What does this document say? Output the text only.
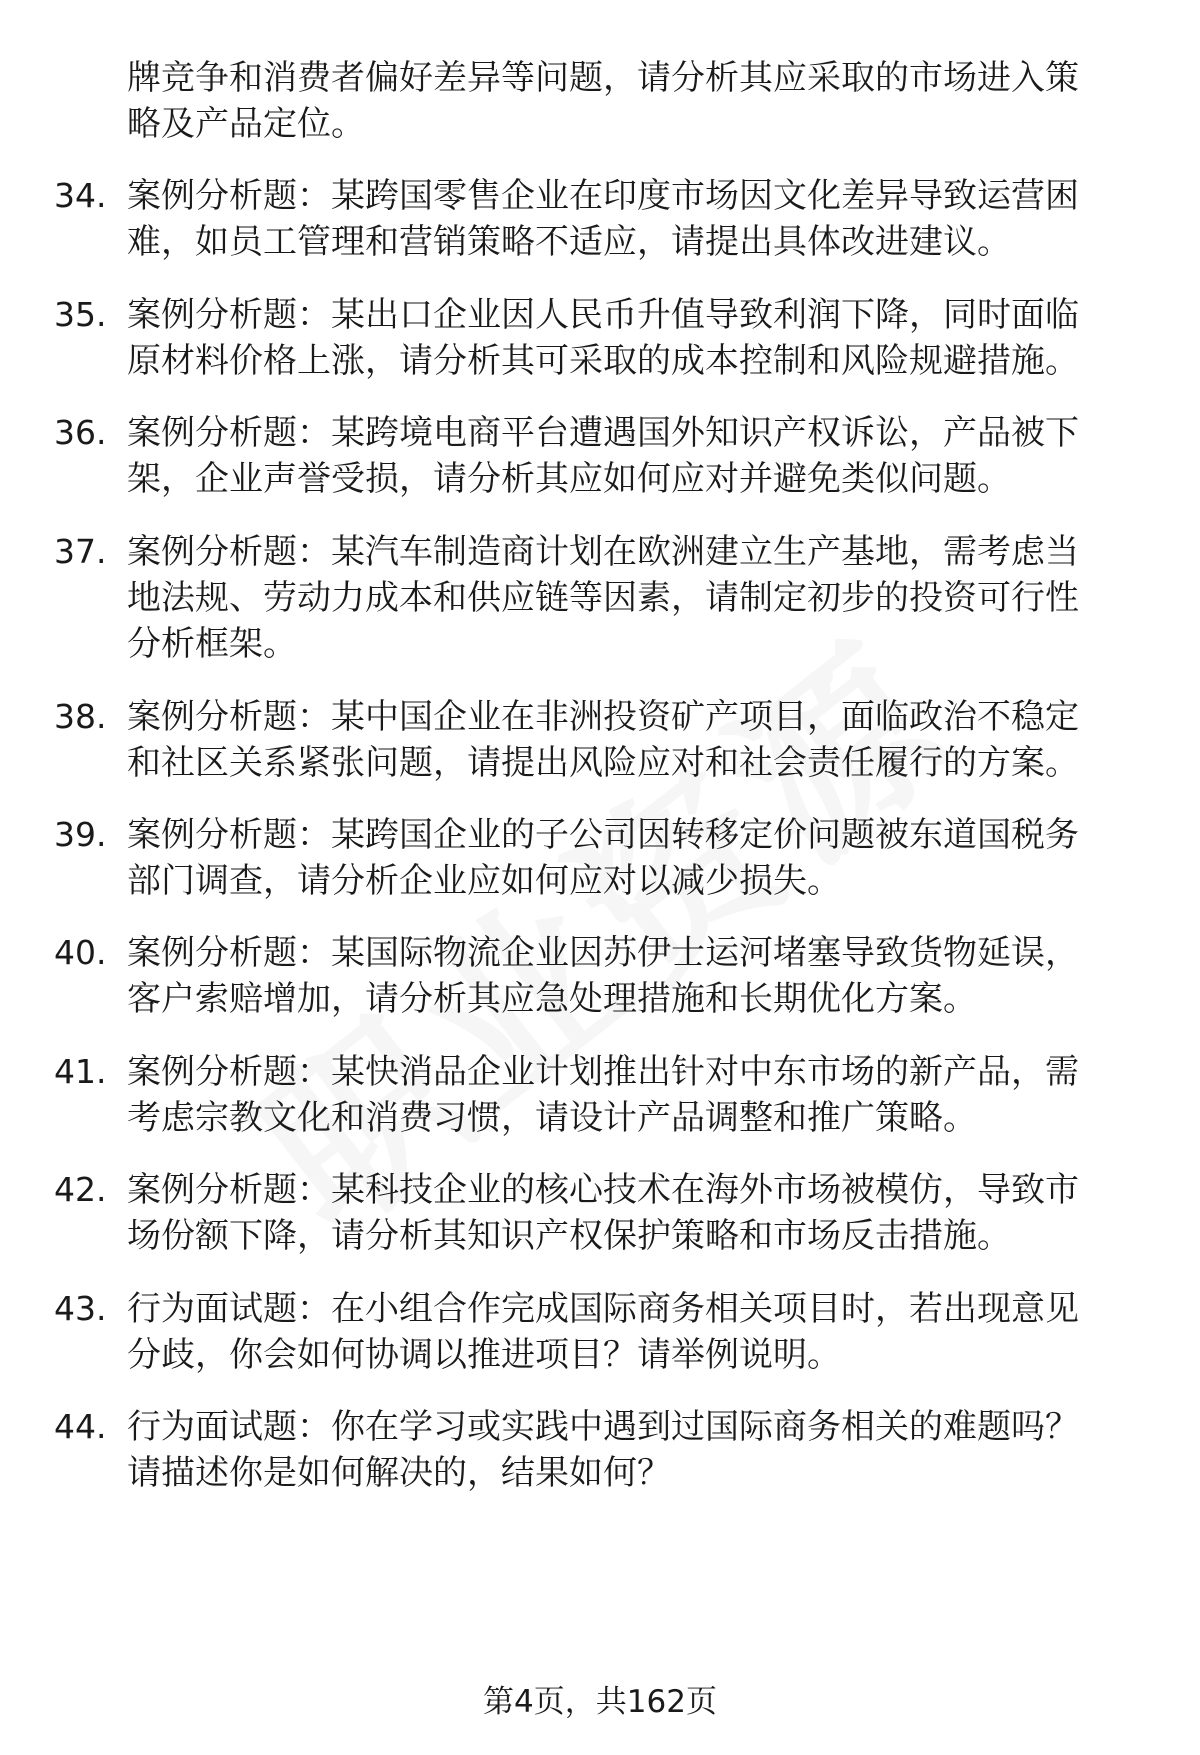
牌竞争和消费者偏好差异等问题，请分析其应采取的市场进入策
略及产品定位。
34. 案例分析题：某跨国零售企业在印度市场因文化差异导致运营困
难，如员工管理和营销策略不适应，请提出具体改进建议。
35. 案例分析题：某出口企业因人民币升值导致利润下降，同时面临
原材料价格上涨，请分析其可采取的成本控制和风险规避措施。
36. 案例分析题：某跨境电商平台遭遇国外知识产权诉讼，产品被下
架，企业声誉受损，请分析其应如何应对并避免类似问题。
37. 案例分析题：某汽车制造商计划在欧洲建立生产基地，需考虑当
地法规、劳动力成本和供应链等因素，请制定初步的投资可行性
分析框架。
38. 案例分析题：某中国企业在非洲投资矿产项目，面临政治不稳定
和社区关系紧张问题，请提出风险应对和社会责任履行的方案。
39. 案例分析题：某跨国企业的子公司因转移定价问题被东道国税务
部门调查，请分析企业应如何应对以减少损失。
40. 案例分析题：某国际物流企业因苏伊士运河堵塞导致货物延误，
客户索赔增加，请分析其应急处理措施和长期优化方案。
41. 案例分析题：某快消品企业计划推出针对中东市场的新产品，需
考虑宗教文化和消费习惯，请设计产品调整和推广策略。
42. 案例分析题：某科技企业的核心技术在海外市场被模仿，导致市
场份额下降，请分析其知识产权保护策略和市场反击措施。
43. 行为面试题：在小组合作完成国际商务相关项目时，若出现意见
分歧，你会如何协调以推进项目？请举例说明。
44. 行为面试题：你在学习或实践中遇到过国际商务相关的难题吗？
请描述你是如何解决的，结果如何？
第4页，共162页
